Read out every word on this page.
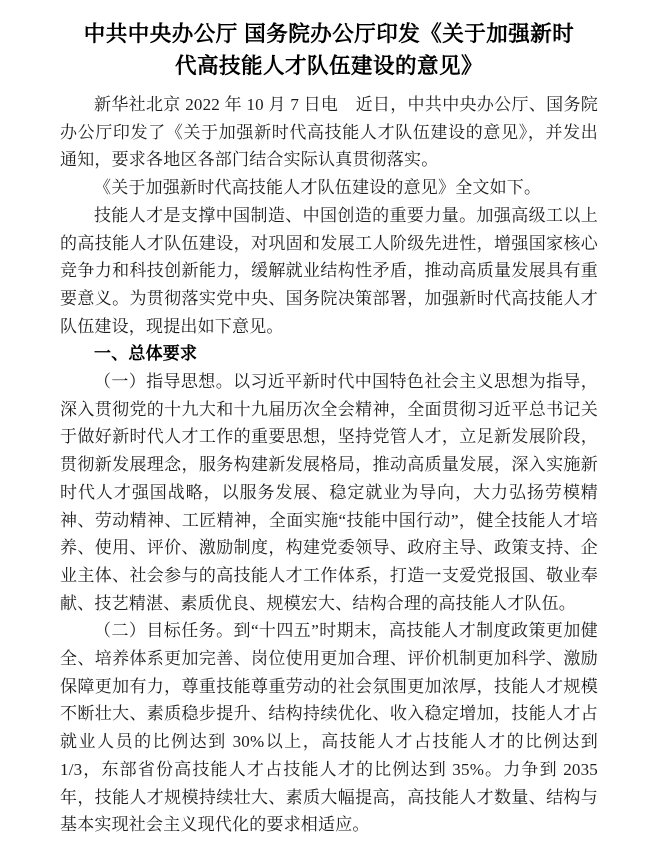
中共中央办公厅 国务院办公厅印发《关于加强新时
代高技能人才队伍建设的意见》

新华社北京 2022 年 10 月 7 日电　近日，中共中央办公厅、国务院办公厅印发了《关于加强新时代高技能人才队伍建设的意见》，并发出通知，要求各地区各部门结合实际认真贯彻落实。

《关于加强新时代高技能人才队伍建设的意见》全文如下。

技能人才是支撑中国制造、中国创造的重要力量。加强高级工以上的高技能人才队伍建设，对巩固和发展工人阶级先进性，增强国家核心竞争力和科技创新能力，缓解就业结构性矛盾，推动高质量发展具有重要意义。为贯彻落实党中央、国务院决策部署，加强新时代高技能人才队伍建设，现提出如下意见。

一、总体要求

（一）指导思想。以习近平新时代中国特色社会主义思想为指导，深入贯彻党的十九大和十九届历次全会精神，全面贯彻习近平总书记关于做好新时代人才工作的重要思想，坚持党管人才，立足新发展阶段，贯彻新发展理念，服务构建新发展格局，推动高质量发展，深入实施新时代人才强国战略，以服务发展、稳定就业为导向，大力弘扬劳模精神、劳动精神、工匠精神，全面实施“技能中国行动”，健全技能人才培养、使用、评价、激励制度，构建党委领导、政府主导、政策支持、企业主体、社会参与的高技能人才工作体系，打造一支爱党报国、敬业奉献、技艺精湛、素质优良、规模宏大、结构合理的高技能人才队伍。

（二）目标任务。到“十四五”时期末，高技能人才制度政策更加健全、培养体系更加完善、岗位使用更加合理、评价机制更加科学、激励保障更加有力，尊重技能尊重劳动的社会氛围更加浓厚，技能人才规模不断壮大、素质稳步提升、结构持续优化、收入稳定增加，技能人才占就业人员的比例达到 30%以上，高技能人才占技能人才的比例达到 1/3，东部省份高技能人才占技能人才的比例达到 35%。力争到 2035 年，技能人才规模持续壮大、素质大幅提高，高技能人才数量、结构与基本实现社会主义现代化的要求相适应。
